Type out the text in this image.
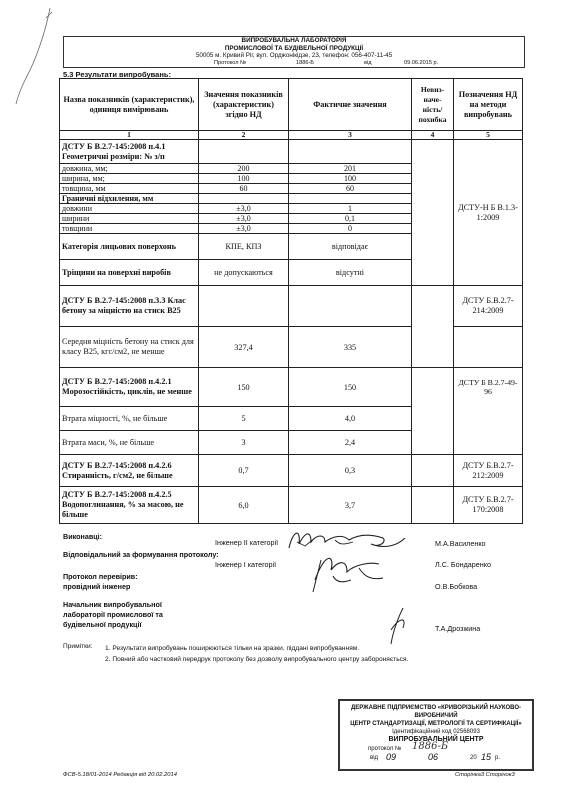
ВИПРОБУВАЛЬНА ЛАБОРАТОРІЯ
ПРОМИСЛОВОЇ ТА БУДІВЕЛЬНОЇ ПРОДУКЦІЇ
50005 м. Кривий Ріг, вул. Орджонікідзе, 23, телефон: 056-407-11-45
Протокол №	1886-Б	від	09.06.2015 р.
5.3 Результати випробувань:
Назва показників (характеристик), одиниця вимірювань	Значення показників (характеристик) згідно НД	Фактичне значення	Невиз-наче-ність/ похибка	Позначення НД на методи випробувань
1	2	3	4	5
ДСТУ Б В.2.7-145:2008 п.4.1 Геометричні розміри: № з/п				ДСТУ-Н Б В.1.3-1:2009
довжина, мм;	200	201		
ширина, мм;	100	100		
товщина, мм	60	60		
Граничні відхилення, мм				
довжини	±3,0	1		
ширини	±3,0	0,1		
товщини	±3,0	0		
Категорія лицьових поверхонь	КПЕ, КПЗ	відповідає		
Тріщини на поверхні виробів	не допускаються	відсутні		
ДСТУ Б В.2.7-145:2008 п.3.3 Клас бетону за міцністю на стиск В25				ДСТУ Б.В.2.7-214:2009
Середня міцність бетону на стиск для класу В25, кгс/см2, не менше	327,4	335		

ДСТУ Б В.2.7-145:2008 п.4.2.1
Морозостійкість, циклів, не менше	150	150		ДСТУ Б В.2.7-49-96
Втрата міцності, %, не більше	5	4,0		
Втрата маси, %, не більше	3	2,4		

ДСТУ Б В.2.7-145:2008 п.4.2.6
Стиранність, г/см2, не більше	0,7	0,3		ДСТУ Б.В.2.7-212:2009

ДСТУ Б В.2.7-145:2008 п.4.2.5
Водопоглинання, % за масою, не більше	6,0	3,7		ДСТУ Б.В.2.7-170:2008
Виконавці:
Інженер ІІ категорії	М.А.Василенко
Відповідальний за формування протоколу:
Інженер І категорії	Л.С. Бондаренко
Протокол перевірив:
провідний інженер	О.В.Бобкова
Начальник випробувальної
лабораторії промислової та
будівельної продукції	Т.А.Дрозжина
Примітки: 1. Результати випробувань поширюються тільки на зразки, піддані випробуванням.
2. Повний або частковий передрук протоколу без дозволу випробувального центру забороняється.
ДЕРЖАВНЕ ПІДПРИЄМСТВО «КРИВОРІЗЬКИЙ НАУКОВО-ВИРОБНИЧИЙ
ЦЕНТР СТАНДАРТИЗАЦІЇ, МЕТРОЛОГІЇ ТА СЕРТИФІКАЦІЇ»
Ідентифікаційний код 02568093
ВИПРОБУВАЛЬНИЙ ЦЕНТР
протокол № 1886-Б
від 09	06	20 15 р.
ФСВ-5.18/01-2014 Редакція від 20.02.2014	Сторінка3 Сторінок3
